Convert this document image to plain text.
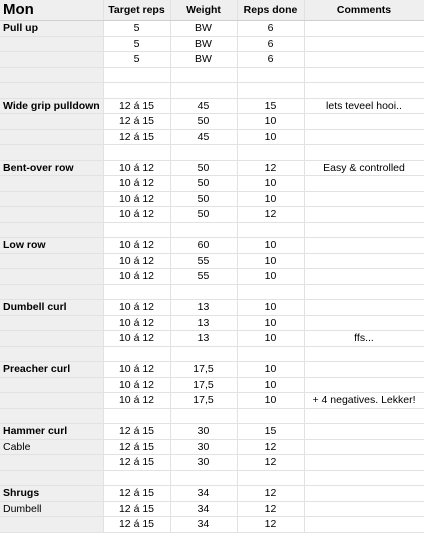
Mon	Target reps	Weight	Reps done	Comments
Pull up	5	BW	6	
	5	BW	6	
	5	BW	6	

Wide grip pulldown	12 á 15	45	15	lets teveel hooi..
	12 á 15	50	10	
	12 á 15	45	10	

Bent-over row	10 á 12	50	12	Easy & controlled
	10 á 12	50	10	
	10 á 12	50	10	
	10 á 12	50	12	

Low row	10 á 12	60	10	
	10 á 12	55	10	
	10 á 12	55	10	

Dumbell curl	10 á 12	13	10	
	10 á 12	13	10	
	10 á 12	13	10	ffs...

Preacher curl	10 á 12	17,5	10	
	10 á 12	17,5	10	
	10 á 12	17,5	10	+ 4 negatives. Lekker!

Hammer curl	12 á 15	30	15	
Cable	12 á 15	30	12	
	12 á 15	30	12	

Shrugs	12 á 15	34	12	
Dumbell	12 á 15	34	12	
	12 á 15	34	12	
